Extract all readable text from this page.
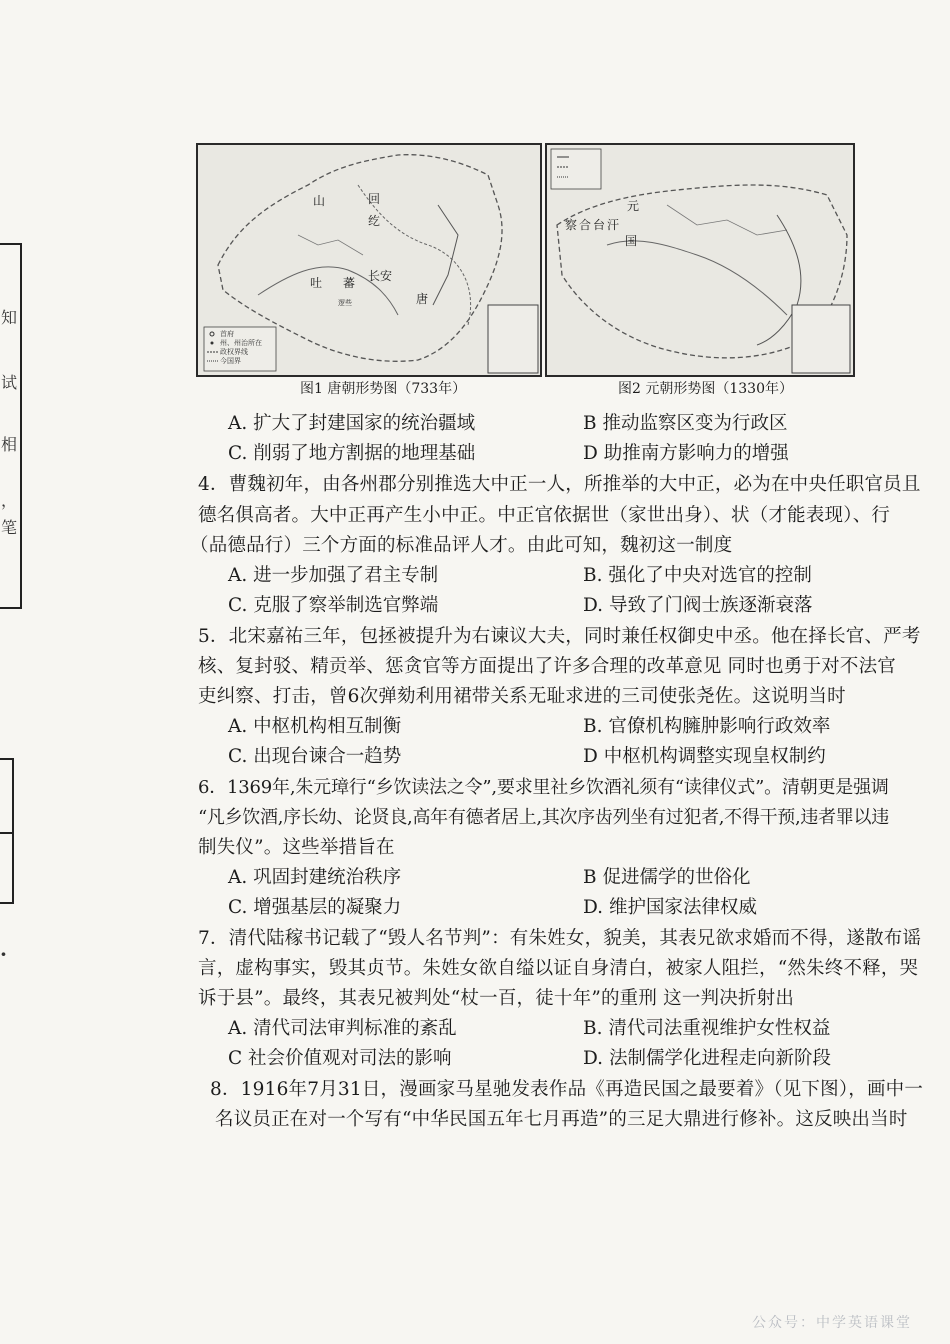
知
试
相
，
笔
·
首府
州、州治所在
政权界线
今国界
回
纥
长安
吐 蕃
唐
山
逻些
图1 唐朝形势图（733年）
元
察 合 台 汗
国
图2 元朝形势图（1330年）
A. 扩大了封建国家的统治疆域	B 推动监察区变为行政区
C. 削弱了地方割据的地理基础	D 助推南方影响力的增强
4．曹魏初年，由各州郡分别推选大中正一人，所推举的大中正，必为在中央任职官员且
德名俱高者。大中正再产生小中正。中正官依据世（家世出身）、状（才能表现）、行
（品德品行）三个方面的标准品评人才。由此可知，魏初这一制度
A. 进一步加强了君主专制	B. 强化了中央对选官的控制
C. 克服了察举制选官弊端	D. 导致了门阀士族逐渐衰落
5．北宋嘉祐三年，包拯被提升为右谏议大夫，同时兼任权御史中丞。他在择长官、严考
核、复封驳、精贡举、惩贪官等方面提出了许多合理的改革意见 同时也勇于对不法官
吏纠察、打击，曾6次弹劾利用裙带关系无耻求进的三司使张尧佐。这说明当时
A. 中枢机构相互制衡	B. 官僚机构臃肿影响行政效率
C. 出现台谏合一趋势	D 中枢机构调整实现皇权制约
6．1369年,朱元璋行“乡饮读法之令”,要求里社乡饮酒礼须有“读律仪式”。清朝更是强调
“凡乡饮酒,序长幼、论贤良,高年有德者居上,其次序齿列坐有过犯者,不得干预,违者罪以违
制失仪”。这些举措旨在
A. 巩固封建统治秩序	B 促进儒学的世俗化
C. 增强基层的凝聚力	D. 维护国家法律权威
7．清代陆稼书记载了“毁人名节判”：有朱姓女，貌美，其表兄欲求婚而不得，遂散布谣
言，虚构事实，毁其贞节。朱姓女欲自缢以证自身清白，被家人阻拦，“然朱终不释，哭
诉于县”。最终，其表兄被判处“杖一百，徒十年”的重刑 这一判决折射出
A. 清代司法审判标准的紊乱	B. 清代司法重视维护女性权益
C 社会价值观对司法的影响	D. 法制儒学化进程走向新阶段
8．1916年7月31日，漫画家马星驰发表作品《再造民国之最要着》（见下图），画中一
名议员正在对一个写有“中华民国五年七月再造”的三足大鼎进行修补。这反映出当时
公众号：中学英语课堂
